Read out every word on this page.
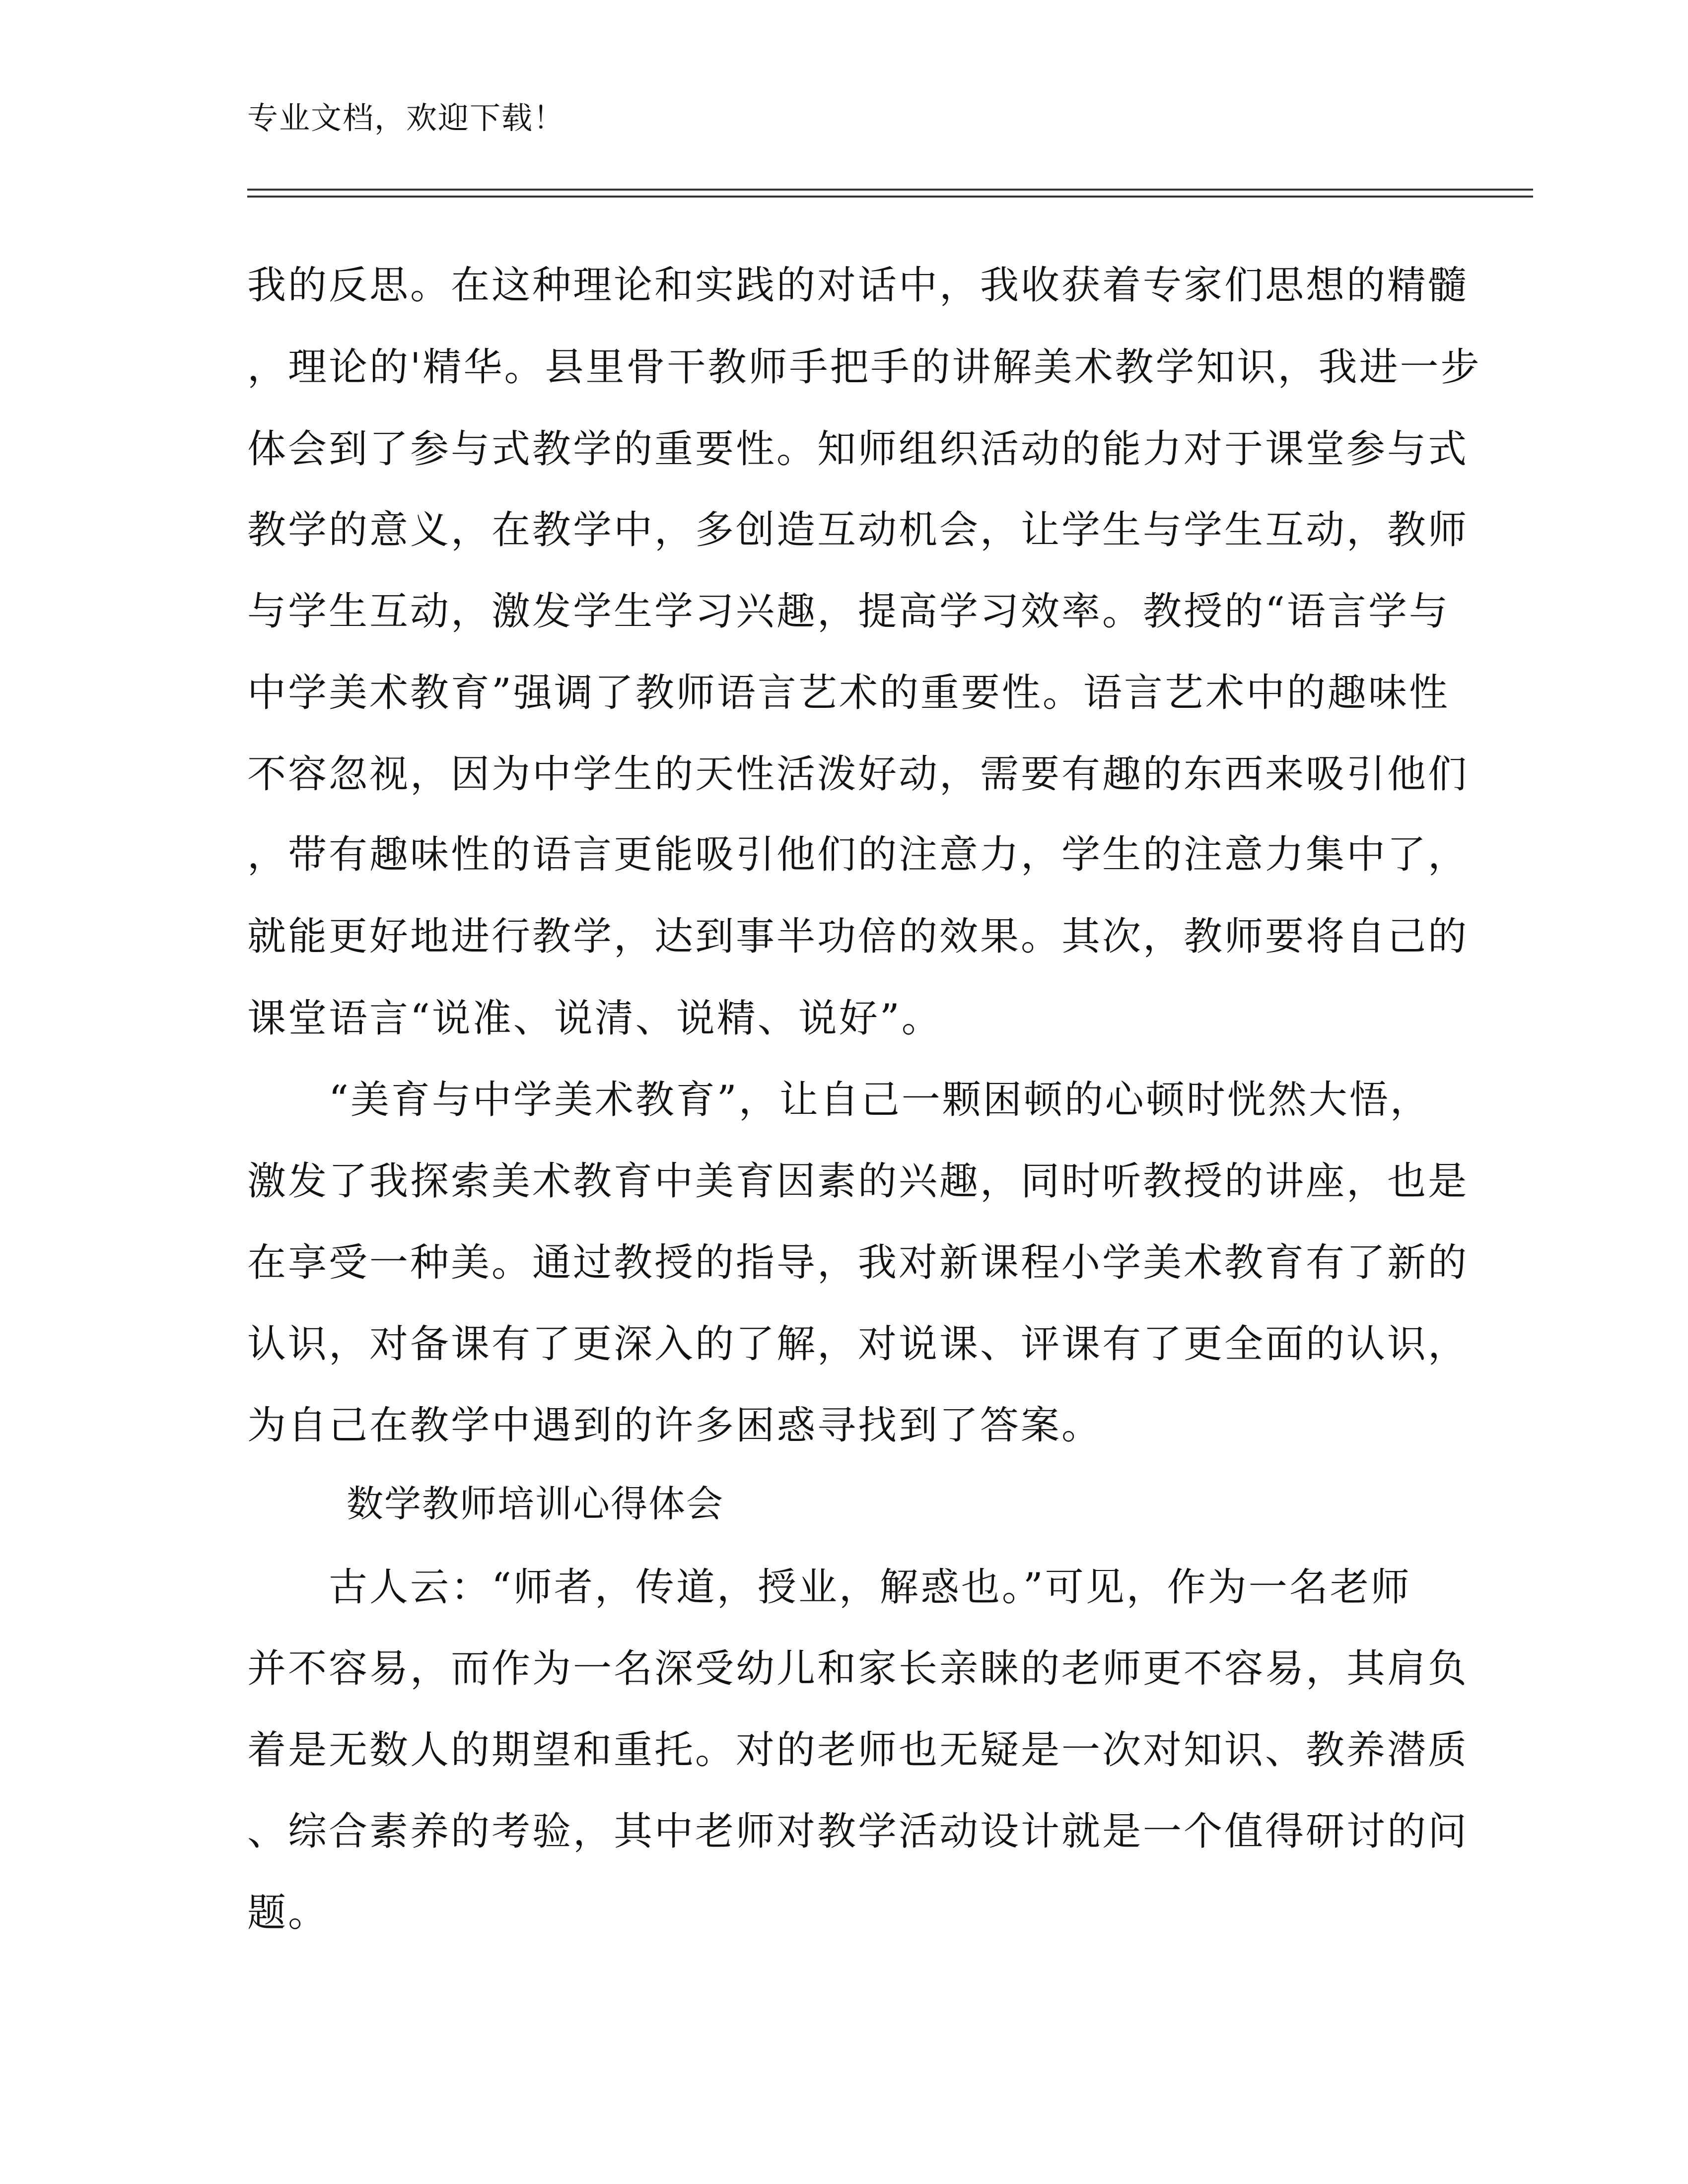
专业文档，欢迎下载！
我的反思。在这种理论和实践的对话中，我收获着专家们思想的精髓
，理论的'精华。县里骨干教师手把手的讲解美术教学知识，我进一步
体会到了参与式教学的重要性。知师组织活动的能力对于课堂参与式
教学的意义，在教学中，多创造互动机会，让学生与学生互动，教师
与学生互动，激发学生学习兴趣，提高学习效率。教授的“语言学与
中学美术教育”强调了教师语言艺术的重要性。语言艺术中的趣味性
不容忽视，因为中学生的天性活泼好动，需要有趣的东西来吸引他们
，带有趣味性的语言更能吸引他们的注意力，学生的注意力集中了，
就能更好地进行教学，达到事半功倍的效果。其次，教师要将自己的
课堂语言“说准、说清、说精、说好”。
　　“美育与中学美术教育”，让自己一颗困顿的心顿时恍然大悟，
激发了我探索美术教育中美育因素的兴趣，同时听教授的讲座，也是
在享受一种美。通过教授的指导，我对新课程小学美术教育有了新的
认识，对备课有了更深入的了解，对说课、评课有了更全面的认识，
为自己在教学中遇到的许多困惑寻找到了答案。
数学教师培训心得体会
　　古人云：“师者，传道，授业，解惑也。”可见，作为一名老师
并不容易，而作为一名深受幼儿和家长亲睐的老师更不容易，其肩负
着是无数人的期望和重托。对的老师也无疑是一次对知识、教养潜质
、综合素养的考验，其中老师对教学活动设计就是一个值得研讨的问
题。
